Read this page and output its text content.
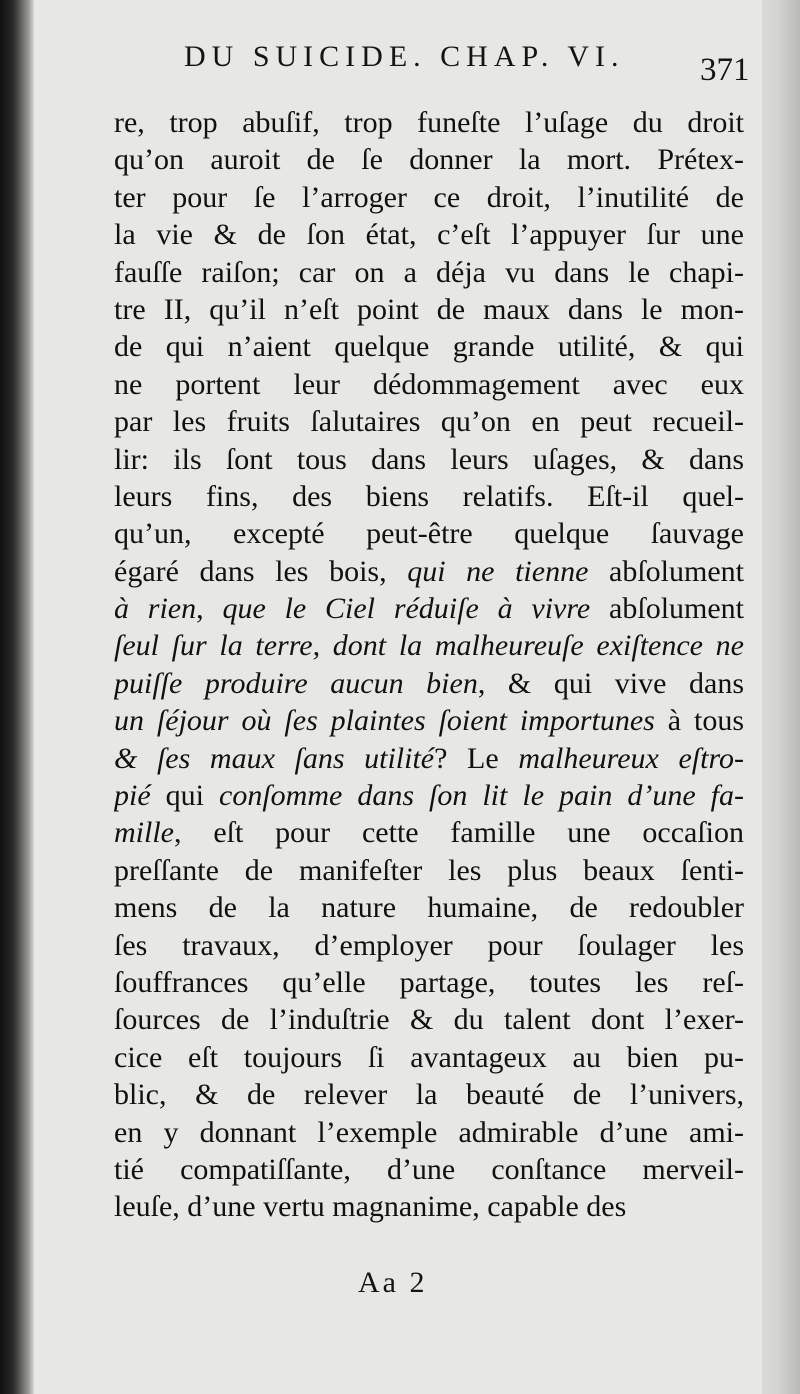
DU SUICIDE. CHAP. VI. 371
re, trop abuſif, trop funeſte l’uſage du droit
qu’on auroit de ſe donner la mort. Prétex-
ter pour ſe l’arroger ce droit, l’inutilité de
la vie & de ſon état, c’eſt l’appuyer ſur une
fauſſe raiſon; car on a déja vu dans le chapi-
tre II, qu’il n’eſt point de maux dans le mon-
de qui n’aient quelque grande utilité, & qui
ne portent leur dédommagement avec eux
par les fruits ſalutaires qu’on en peut recueil-
lir: ils ſont tous dans leurs uſages, & dans
leurs fins, des biens relatifs. Eſt-il quel-
qu’un, excepté peut-être quelque ſauvage
égaré dans les bois, qui ne tienne abſolument
à rien, que le Ciel réduiſe à vivre abſolument
ſeul ſur la terre, dont la malheureuſe exiſtence ne
puiſſe produire aucun bien, & qui vive dans
un ſéjour où ſes plaintes ſoient importunes à tous
& ſes maux ſans utilité? Le malheureux eſtro-
pié qui conſomme dans ſon lit le pain d’une fa-
mille, eſt pour cette famille une occaſion
preſſante de manifeſter les plus beaux ſenti-
mens de la nature humaine, de redoubler
ſes travaux, d’employer pour ſoulager les
ſouffrances qu’elle partage, toutes les reſ-
ſources de l’induſtrie & du talent dont l’exer-
cice eſt toujours ſi avantageux au bien pu-
blic, & de relever la beauté de l’univers,
en y donnant l’exemple admirable d’une ami-
tié compatiſſante, d’une conſtance merveil-
leuſe, d’une vertu magnanime, capable des
Aa 2
